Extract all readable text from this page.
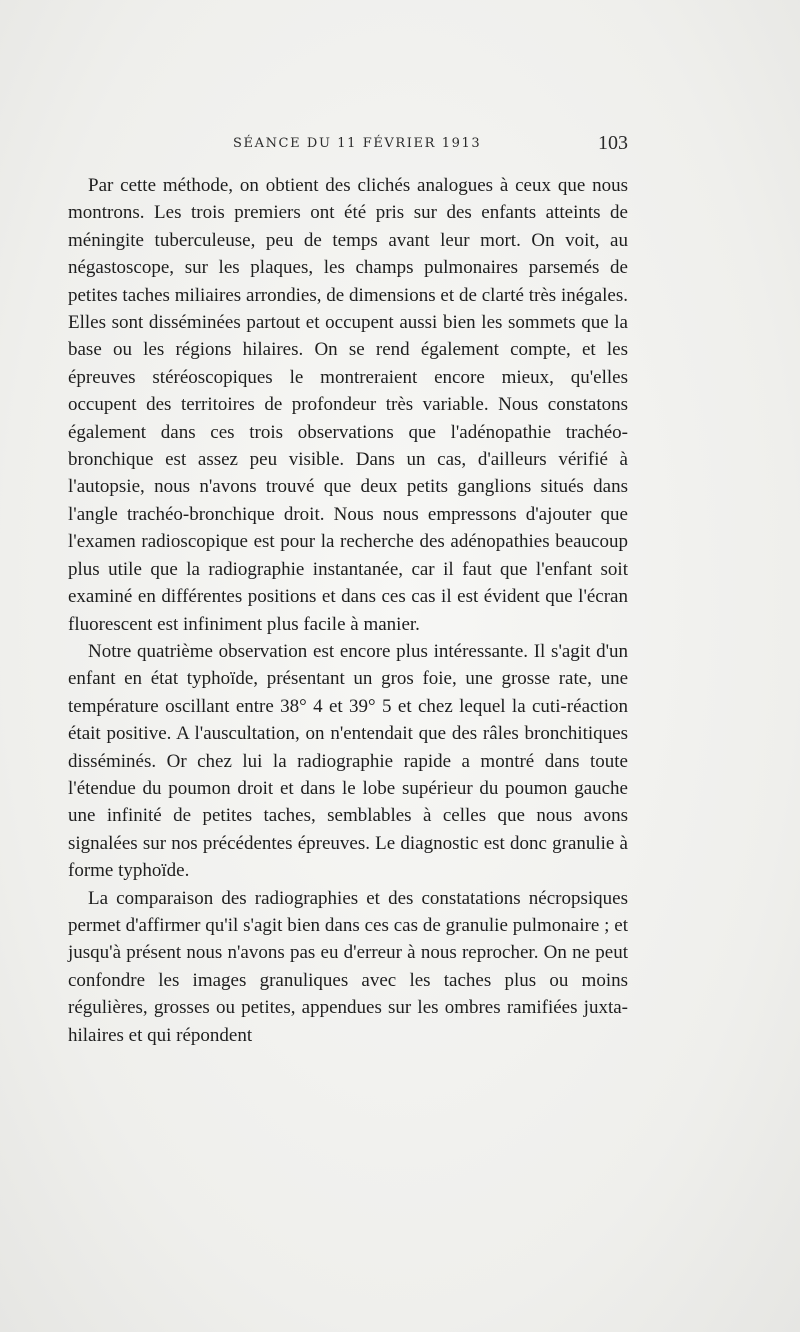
SÉANCE DU 11 FÉVRIER 1913	103

Par cette méthode, on obtient des clichés analogues à ceux que nous montrons. Les trois premiers ont été pris sur des enfants atteints de méningite tuberculeuse, peu de temps avant leur mort. On voit, au négastoscope, sur les plaques, les champs pulmonaires parsemés de petites taches miliaires arrondies, de dimensions et de clarté très inégales. Elles sont disséminées partout et occupent aussi bien les sommets que la base ou les régions hilaires. On se rend également compte, et les épreuves stéréoscopiques le montreraient encore mieux, qu'elles occupent des territoires de profondeur très variable. Nous constatons également dans ces trois observations que l'adénopathie trachéo-bronchique est assez peu visible. Dans un cas, d'ailleurs vérifié à l'autopsie, nous n'avons trouvé que deux petits ganglions situés dans l'angle trachéo-bronchique droit. Nous nous empressons d'ajouter que l'examen radioscopique est pour la recherche des adénopathies beaucoup plus utile que la radiographie instantanée, car il faut que l'enfant soit examiné en différentes positions et dans ces cas il est évident que l'écran fluorescent est infiniment plus facile à manier.

Notre quatrième observation est encore plus intéressante. Il s'agit d'un enfant en état typhoïde, présentant un gros foie, une grosse rate, une température oscillant entre 38° 4 et 39° 5 et chez lequel la cuti-réaction était positive. A l'auscultation, on n'entendait que des râles bronchitiques disséminés. Or chez lui la radiographie rapide a montré dans toute l'étendue du poumon droit et dans le lobe supérieur du poumon gauche une infinité de petites taches, semblables à celles que nous avons signalées sur nos précédentes épreuves. Le diagnostic est donc granulie à forme typhoïde.

La comparaison des radiographies et des constatations nécropsiques permet d'affirmer qu'il s'agit bien dans ces cas de granulie pulmonaire ; et jusqu'à présent nous n'avons pas eu d'erreur à nous reprocher. On ne peut confondre les images granuliques avec les taches plus ou moins régulières, grosses ou petites, appendues sur les ombres ramifiées juxta-hilaires et qui répondent
